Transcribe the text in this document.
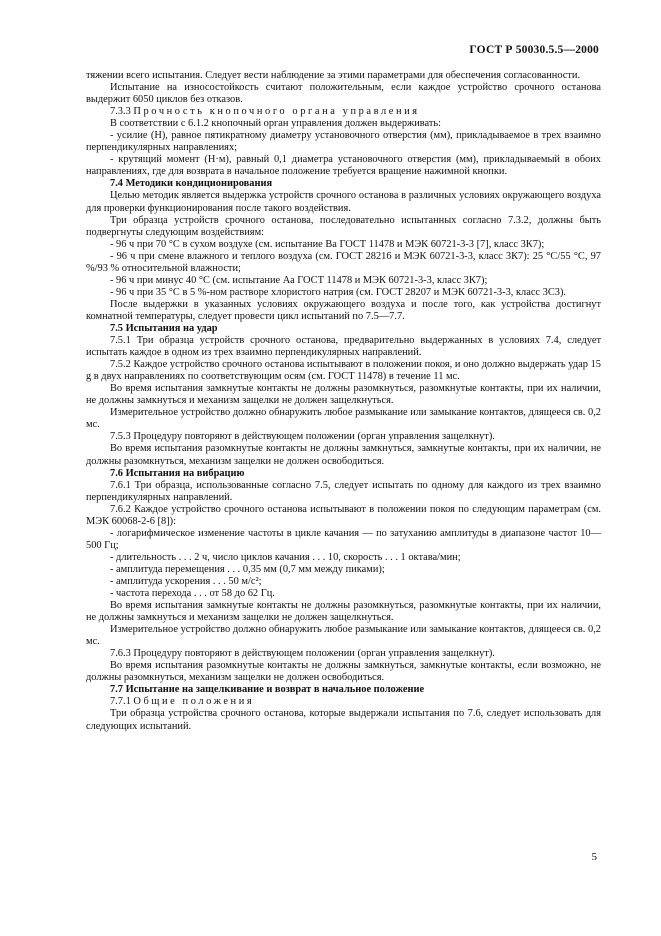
ГОСТ Р 50030.5.5—2000

тяжении всего испытания. Следует вести наблюдение за этими параметрами для обеспечения согласованности.

Испытание на износостойкость считают положительным, если каждое устройство срочного останова выдержит 6050 циклов без отказов.

7.3.3 Прочность кнопочного органа управления

В соответствии с 6.1.2 кнопочный орган управления должен выдерживать:

- усилие (Н), равное пятикратному диаметру установочного отверстия (мм), прикладываемое в трех взаимно перпендикулярных направлениях;

- крутящий момент (Н·м), равный 0,1 диаметра установочного отверстия (мм), прикладываемый в обоих направлениях, где для возврата в начальное положение требуется вращение нажимной кнопки.

7.4 Методики кондиционирования

Целью методик является выдержка устройств срочного останова в различных условиях окружающего воздуха для проверки функционирования после такого воздействия.

Три образца устройств срочного останова, последовательно испытанных согласно 7.3.2, должны быть подвергнуты следующим воздействиям:

- 96 ч при 70 °С в сухом воздухе (см. испытание Ва ГОСТ 11478 и МЭК 60721-3-3 [7], класс 3К7);

- 96 ч при смене влажного и теплого воздуха (см. ГОСТ 28216 и МЭК 60721-3-3, класс 3К7): 25 °С/55 °С, 97 %/93 % относительной влажности;

- 96 ч при минус 40 °С (см. испытание Аа ГОСТ 11478 и МЭК 60721-3-3, класс 3К7);

- 96 ч при 35 °С в 5 %-ном растворе хлористого натрия (см. ГОСТ 28207 и МЭК 60721-3-3, класс 3С3).

После выдержки в указанных условиях окружающего воздуха и после того, как устройства достигнут комнатной температуры, следует провести цикл испытаний по 7.5—7.7.

7.5 Испытания на удар

7.5.1 Три образца устройств срочного останова, предварительно выдержанных в условиях 7.4, следует испытать каждое в одном из трех взаимно перпендикулярных направлений.

7.5.2 Каждое устройство срочного останова испытывают в положении покоя, и оно должно выдержать удар 15 g в двух направлениях по соответствующим осям (см. ГОСТ 11478) в течение 11 мс.

Во время испытания замкнутые контакты не должны разомкнуться, разомкнутые контакты, при их наличии, не должны замкнуться и механизм защелки не должен защелкнуться.

Измерительное устройство должно обнаружить любое размыкание или замыкание контактов, длящееся св. 0,2 мс.

7.5.3 Процедуру повторяют в действующем положении (орган управления защелкнут).

Во время испытания разомкнутые контакты не должны замкнуться, замкнутые контакты, при их наличии, не должны разомкнуться, механизм защелки не должен освободиться.

7.6 Испытания на вибрацию

7.6.1 Три образца, использованные согласно 7.5, следует испытать по одному для каждого из трех взаимно перпендикулярных направлений.

7.6.2 Каждое устройство срочного останова испытывают в положении покоя по следующим параметрам (см. МЭК 60068-2-6 [8]):

- логарифмическое изменение частоты в цикле качания — по затуханию амплитуды в диапазоне частот 10—500 Гц;

- длительность . . . 2 ч, число циклов качания . . . 10, скорость . . . 1 октава/мин;

- амплитуда перемещения . . . 0,35 мм (0,7 мм между пиками);

- амплитуда ускорения . . . 50 м/с²;

- частота перехода . . . от 58 до 62 Гц.

Во время испытания замкнутые контакты не должны разомкнуться, разомкнутые контакты, при их наличии, не должны замкнуться и механизм защелки не должен защелкнуться.

Измерительное устройство должно обнаружить любое размыкание или замыкание контактов, длящееся св. 0,2 мс.

7.6.3 Процедуру повторяют в действующем положении (орган управления защелкнут).

Во время испытания разомкнутые контакты не должны замкнуться, замкнутые контакты, если возможно, не должны разомкнуться, механизм защелки не должен освободиться.

7.7 Испытание на защелкивание и возврат в начальное положение

7.7.1 Общие положения

Три образца устройства срочного останова, которые выдержали испытания по 7.6, следует использовать для следующих испытаний.

5
